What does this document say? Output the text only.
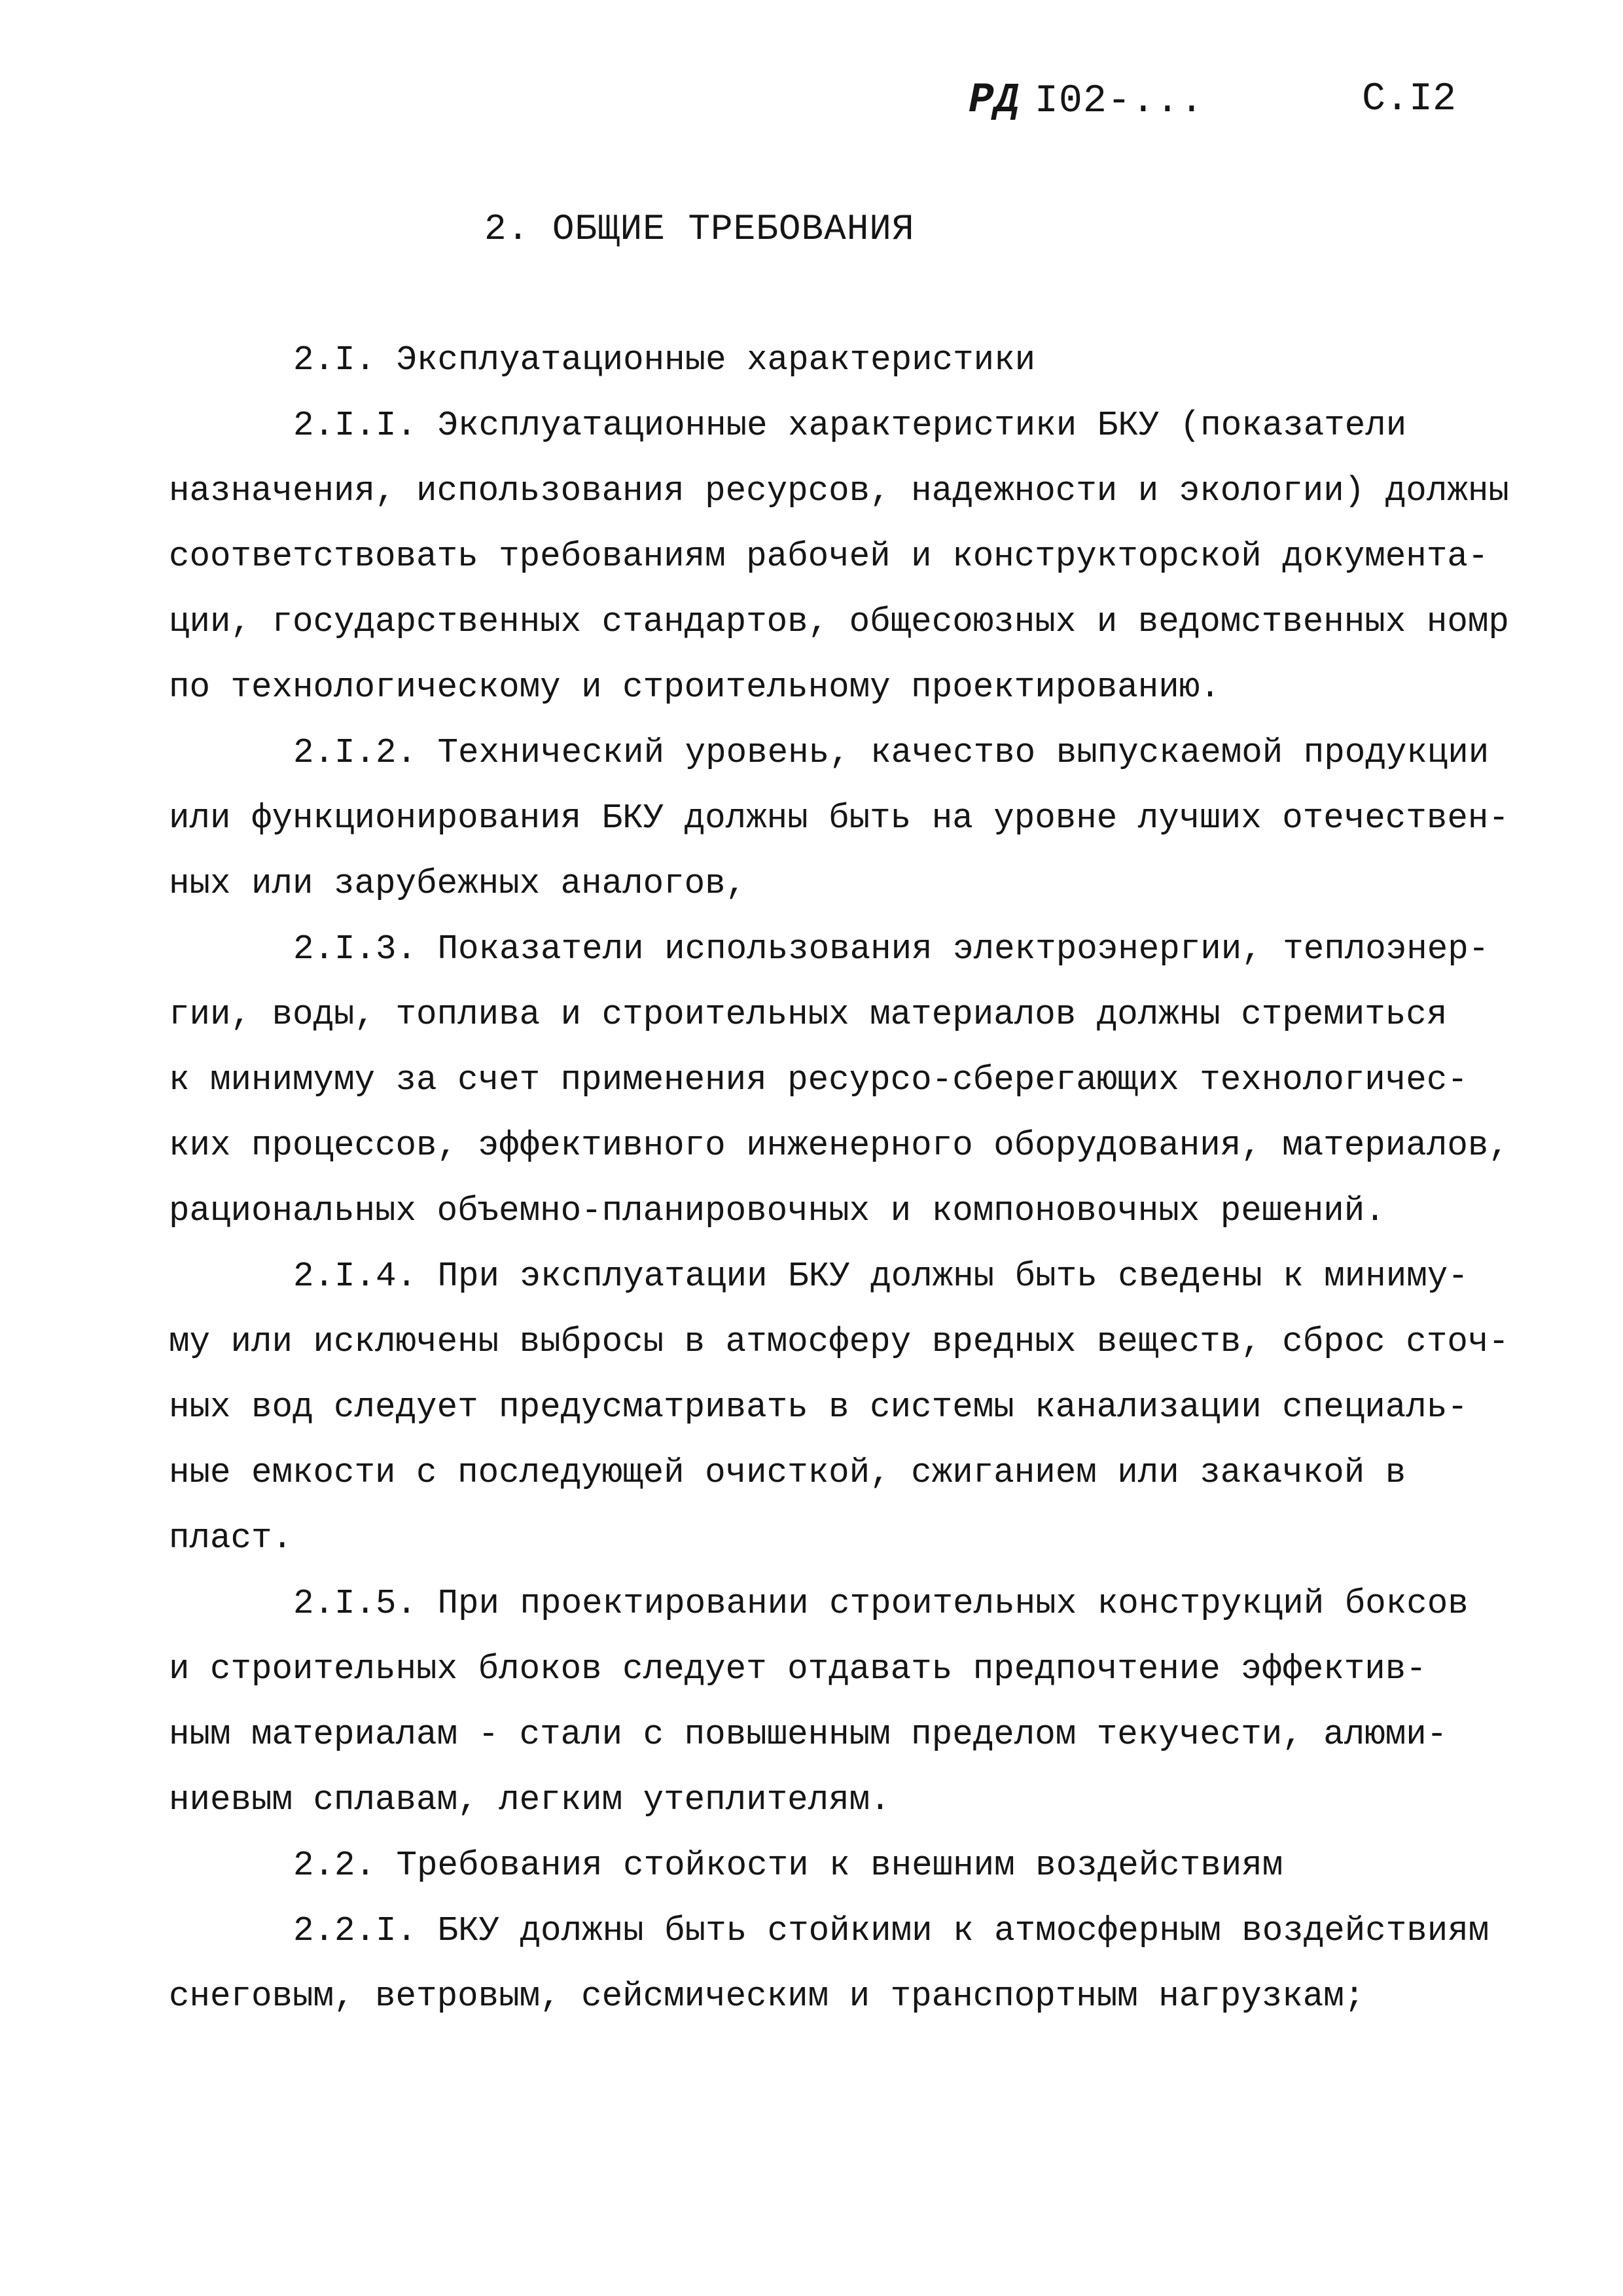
РД I02-...	С.I2
2. ОБЩИЕ ТРЕБОВАНИЯ
2.I. Эксплуатационные характеристики
2.I.I. Эксплуатационные характеристики БКУ (показатели
назначения, использования ресурсов, надежности и экологии) должны
соответствовать требованиям рабочей и конструкторской документа-
ции, государственных стандартов, общесоюзных и ведомственных номр
по технологическому и строительному проектированию.
2.I.2. Технический уровень, качество выпускаемой продукции
или функционирования БКУ должны быть на уровне лучших отечествен-
ных или зарубежных аналогов,
2.I.3. Показатели использования электроэнергии, теплоэнер-
гии, воды, топлива и строительных материалов должны стремиться
к минимуму за счет применения ресурсо-сберегающих технологичес-
ких процессов, эффективного инженерного оборудования, материалов,
рациональных объемно-планировочных и компоновочных решений.
2.I.4. При эксплуатации БКУ должны быть сведены к миниму-
му или исключены выбросы в атмосферу вредных веществ, сброс сточ-
ных вод следует предусматривать в системы канализации специаль-
ные емкости с последующей очисткой, сжиганием или закачкой в
пласт.
2.I.5. При проектировании строительных конструкций боксов
и строительных блоков следует отдавать предпочтение эффектив-
ным материалам - стали с повышенным пределом текучести, алюми-
ниевым сплавам, легким утеплителям.
2.2. Требования стойкости к внешним воздействиям
2.2.I. БКУ должны быть стойкими к атмосферным воздействиям
снеговым, ветровым, сейсмическим и транспортным нагрузкам;
